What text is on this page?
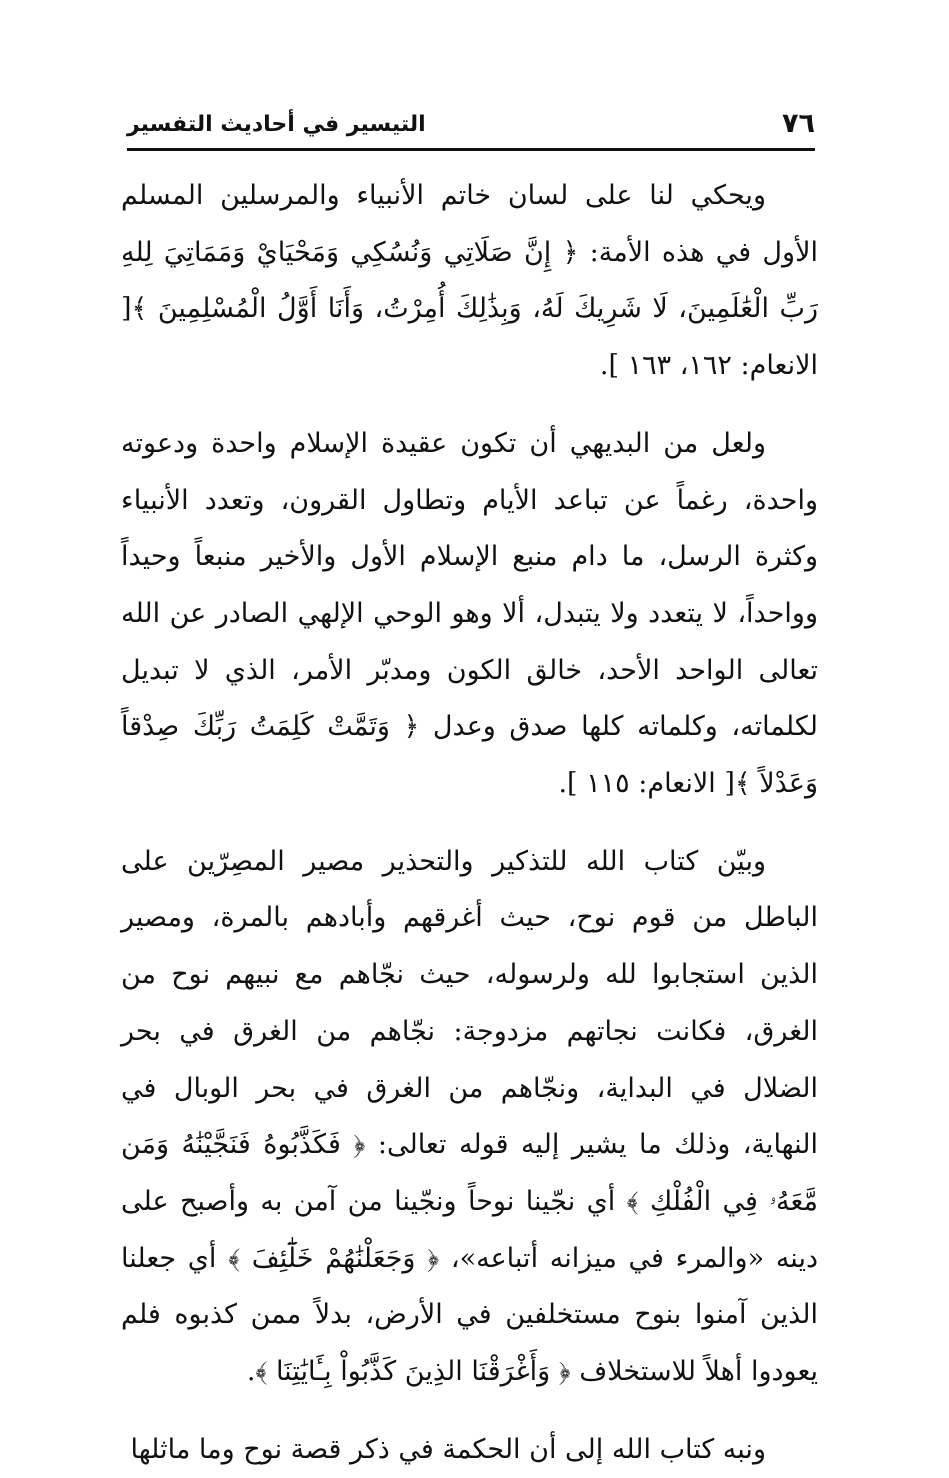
٧٦
التيسير في أحاديث التفسير

ويحكي لنا على لسان خاتم الأنبياء والمرسلين المسلم الأول في هذه الأمة: ﴿ إِنَّ صَلَاتِي وَنُسُكِي وَمَحْيَايْ وَمَمَاتِيَ لِلهِ رَبِّ الْعَٰلَمِينَ، لَا شَرِيكَ لَهُ، وَبِذَٰلِكَ أُمِرْتُ، وَأَنَا أَوَّلُ الْمُسْلِمِينَ ﴾[ الانعام: ١٦٢، ١٦٣ ].

ولعل من البديهي أن تكون عقيدة الإسلام واحدة ودعوته واحدة، رغماً عن تباعد الأيام وتطاول القرون، وتعدد الأنبياء وكثرة الرسل، ما دام منبع الإسلام الأول والأخير منبعاً وحيداً وواحداً، لا يتعدد ولا يتبدل، ألا وهو الوحي الإلهي الصادر عن الله تعالى الواحد الأحد، خالق الكون ومدبّر الأمر، الذي لا تبديل لكلماته، وكلماته كلها صدق وعدل ﴿ وَتَمَّتْ كَلِمَتُ رَبِّكَ صِدْقاً وَعَدْلاً ﴾[ الانعام: ١١٥ ].

وبيّن كتاب الله للتذكير والتحذير مصير المصِرّين على الباطل من قوم نوح، حيث أغرقهم وأبادهم بالمرة، ومصير الذين استجابوا لله ولرسوله، حيث نجّاهم مع نبيهم نوح من الغرق، فكانت نجاتهم مزدوجة: نجّاهم من الغرق في بحر الضلال في البداية، ونجّاهم من الغرق في بحر الوبال في النهاية، وذلك ما يشير إليه قوله تعالى: ﴿ فَكَذَّبُوهُ فَنَجَّيْنَٰهُ وَمَن مَّعَهُۥ فِي الْفُلْكِ ﴾ أي نجّينا نوحاً ونجّينا من آمن به وأصبح على دينه «والمرء في ميزانه أتباعه»، ﴿ وَجَعَلْنَٰهُمْ خَلَٰٓئِفَ ﴾ أي جعلنا الذين آمنوا بنوح مستخلفين في الأرض، بدلاً ممن كذبوه فلم يعودوا أهلاً للاستخلاف ﴿ وَأَغْرَقْنَا الذِينَ كَذَّبُواْ بِـَٔايَٰتِنَا ﴾.

ونبه كتاب الله إلى أن الحكمة في ذكر قصة نوح وما ماثلها
